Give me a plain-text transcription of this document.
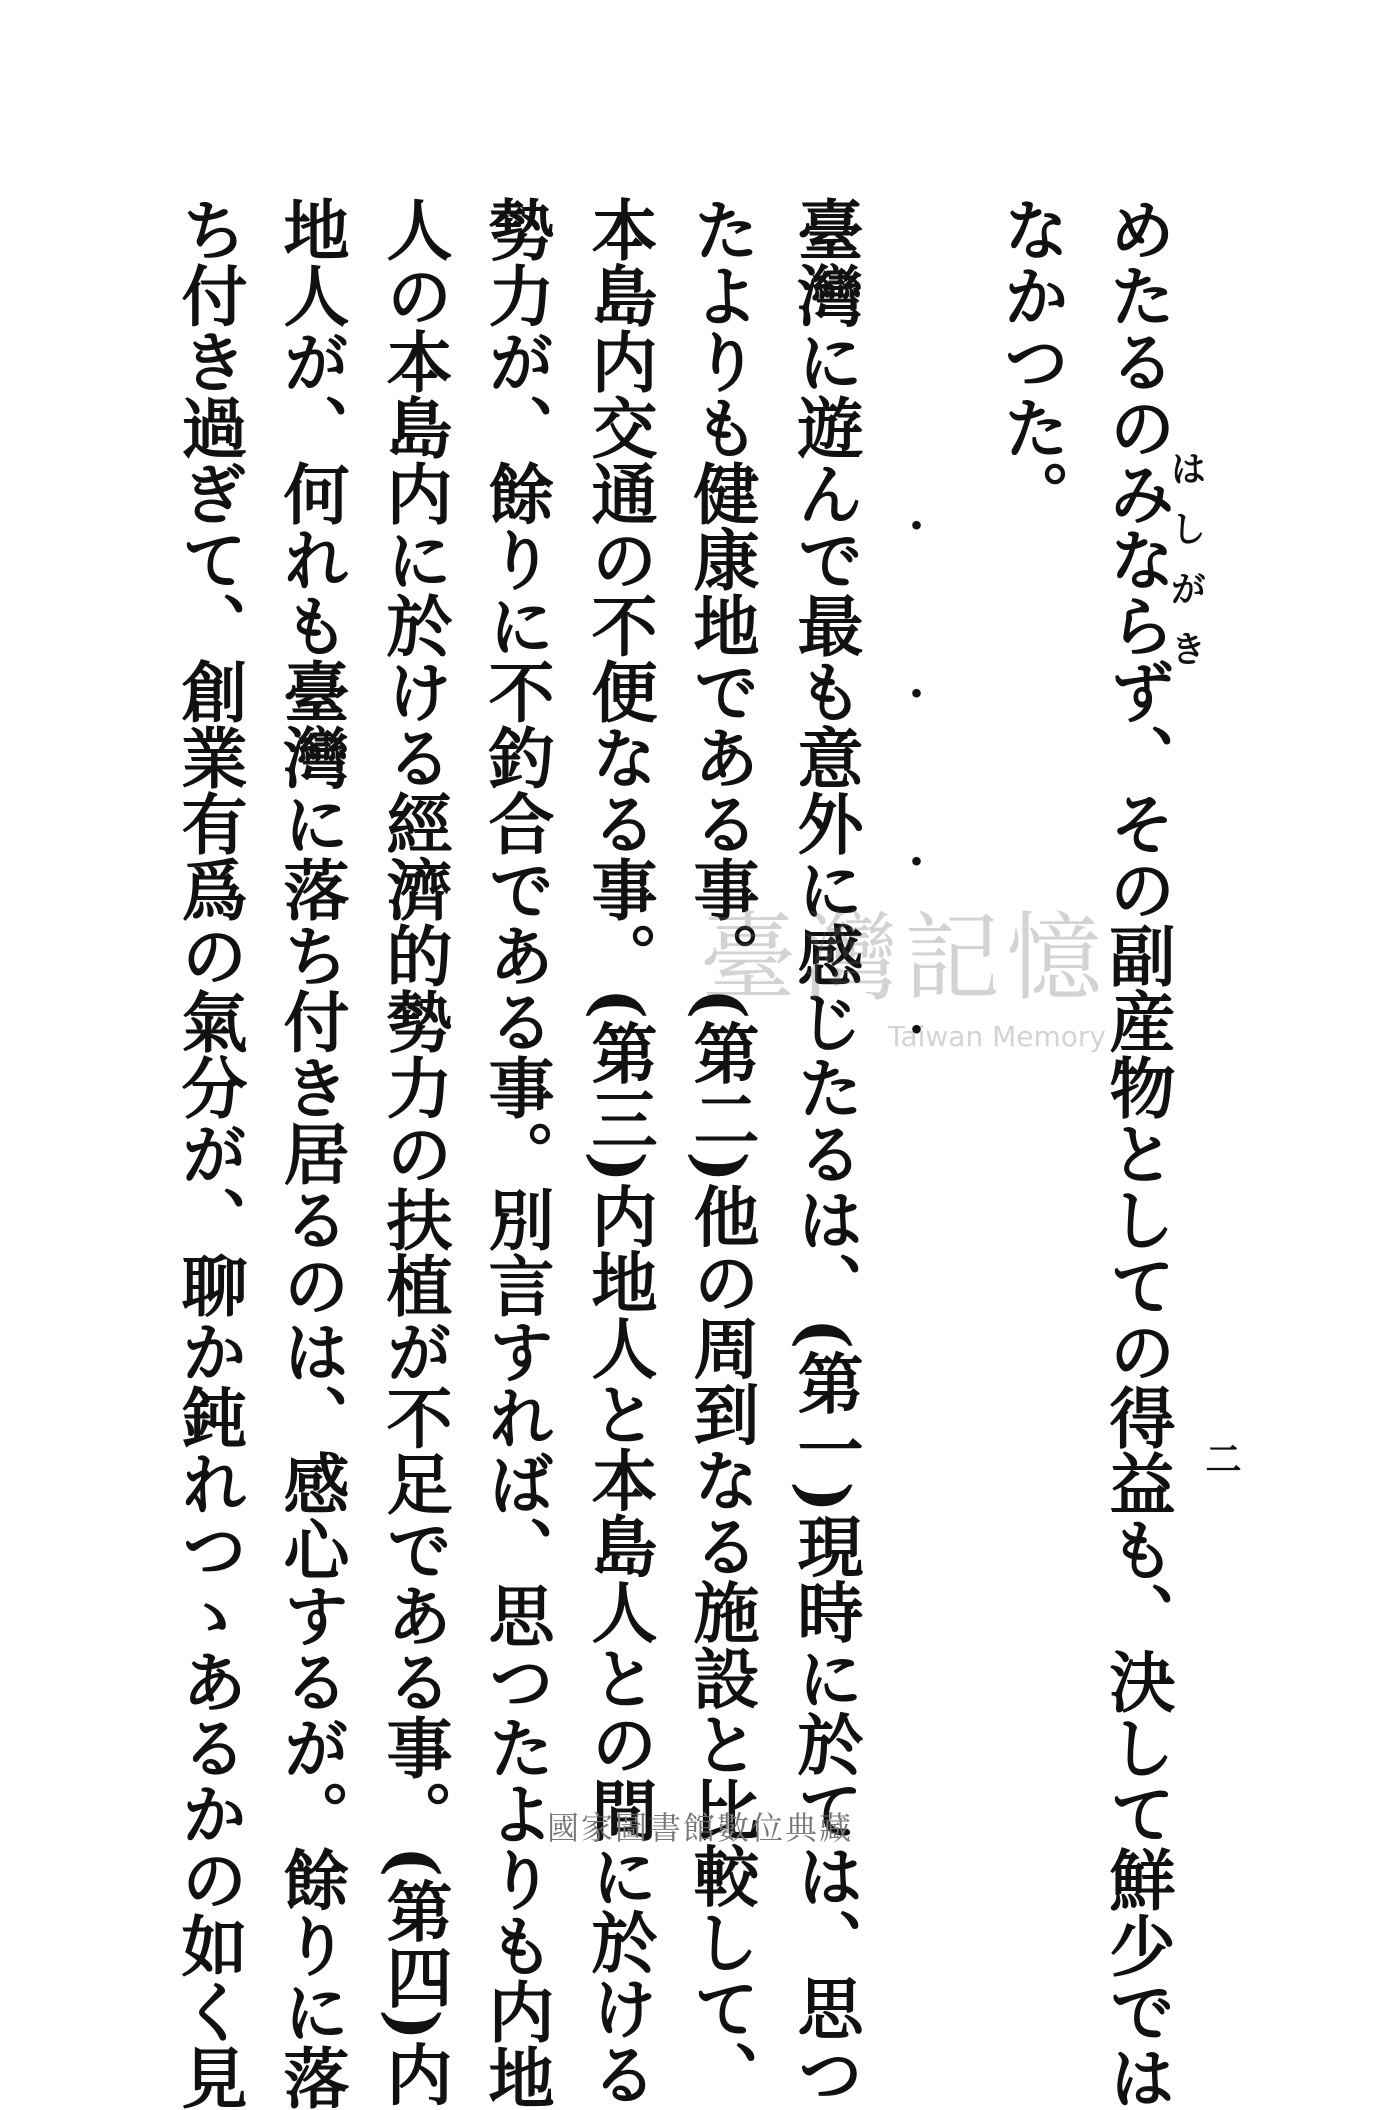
はしがき
二
めたるのみならず、その副産物としての得益も、決して鮮少では
なかつた。
・・・・
臺灣に遊んで最も意外に感じたるは、(第一)現時に於ては、思つ
たよりも健康地である事。(第二)他の周到なる施設と比較して、
本島内交通の不便なる事。(第三)内地人と本島人との間に於ける
勢力が、餘りに不釣合である事。別言すれば、思つたよりも内地
人の本島内に於ける經濟的勢力の扶植が不足である事。(第四)内
地人が、何れも臺灣に落ち付き居るのは、感心するが。餘りに落
ち付き過ぎて、創業有爲の氣分が、聊か鈍れつゝあるかの如く見	臺灣記憶
Taiwan Memory
國家圖書館數位典藏
